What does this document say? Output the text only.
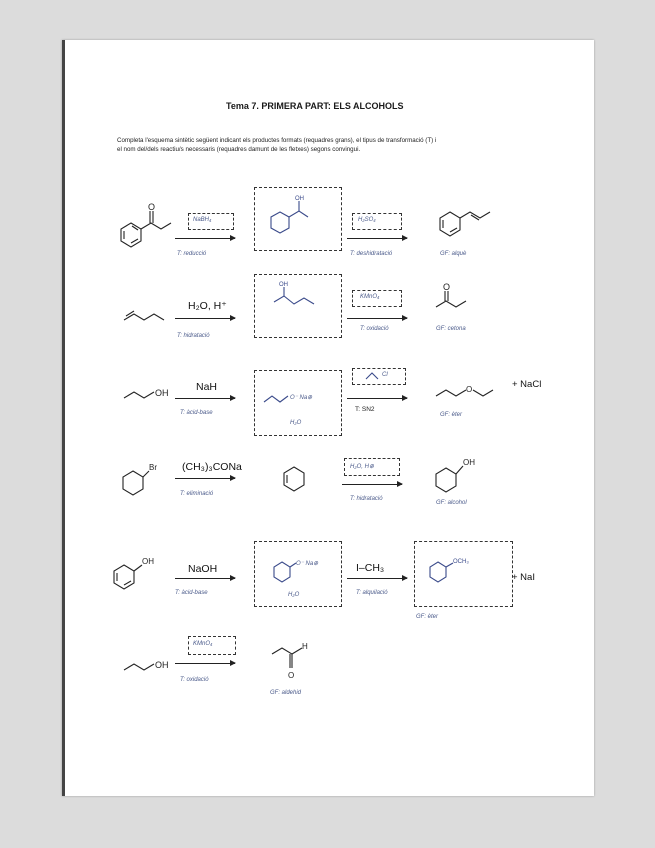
Tema 7. PRIMERA PART: ELS ALCOHOLS
Completa l'esquema sintètic següent indicant els productes formats (requadres grans), el tipus de transformació (T) i
el nom del/dels reactiu/s necessaris (requadres damunt de les fletxes) segons convingui.
O
NaBH₄
T: reducció
OH
H₂SO₄
T: deshidratació	GF: alquè
H₂O, H⁺
T: hidratació
OH
KMnO₄
T: oxidació
O
GF: cetona
OH	NaH
T: àcid-base
O⁻ Na⊕
H₂O
Cl
T: SN2
O	+ NaCl
GF: èter
Br (CH₃)₃CONa
T: eliminació
H₂O, H⊕
T: hidratació
OH
GF: alcohol
OH
NaOH
T: àcid-base
O⁻ Na⊕
H₂O
I–CH₃
T: alquilació
OCH₃
+ NaI
GF: èter
OH
KMnO₄
T: oxidació
H
O
GF: aldehid
